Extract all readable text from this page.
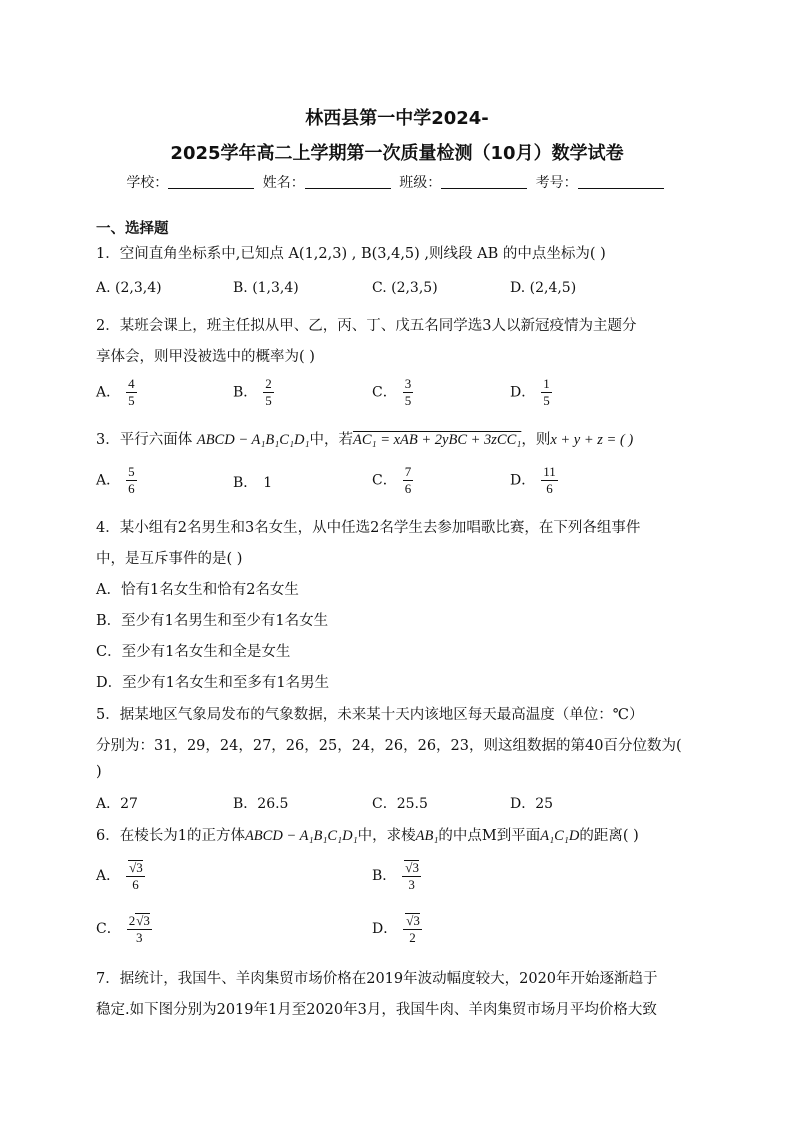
林西县第一中学2024-
2025学年高二上学期第一次质量检测（10月）数学试卷
学校：	姓名：	班级：	考号：
一、选择题
1．空间直角坐标系中,已知点 A(1,2,3) , B(3,4,5) ,则线段 AB 的中点坐标为( )
A. (2,3,4)	B. (1,3,4)	C. (2,3,5)	D. (2,4,5)
2．某班会课上，班主任拟从甲、乙，丙、丁、戊五名同学选3人以新冠疫情为主题分
享体会，则甲没被选中的概率为( )
A． $\frac{4}{5}$	B． $\frac{2}{5}$	C． $\frac{3}{5}$	D． $\frac{1}{5}$
3．平行六面体 ABCD − A₁B₁C₁D₁中，若AC₁ = xAB + 2yBC + 3zCC₁，则x + y + z = ( )
A． $\frac{5}{6}$	B． 1	C． $\frac{7}{6}$	D． $\frac{11}{6}$
4．某小组有2名男生和3名女生，从中任选2名学生去参加唱歌比赛，在下列各组事件
中，是互斥事件的是( )
A．恰有1名女生和恰有2名女生
B．至少有1名男生和至少有1名女生
C．至少有1名女生和全是女生
D．至少有1名女生和至多有1名男生
5．据某地区气象局发布的气象数据，未来某十天内该地区每天最高温度（单位：℃）
分别为：31，29，24，27，26，25，24，26，26，23，则这组数据的第40百分位数为(
)
A．27	B．26.5	C．25.5	D．25
6．在棱长为1的正方体ABCD − A₁B₁C₁D₁中，求棱AB₁的中点M到平面A₁C₁D的距离( )
A． √ $\frac{3}{6}$	B． √ $\frac{3}{3}$
C． $\frac{2 √ 3}{3}$	D． √ $\frac{3}{2}$
7．据统计，我国牛、羊肉集贸市场价格在2019年波动幅度较大，2020年开始逐渐趋于
稳定.如下图分别为2019年1月至2020年3月，我国牛肉、羊肉集贸市场月平均价格大致
